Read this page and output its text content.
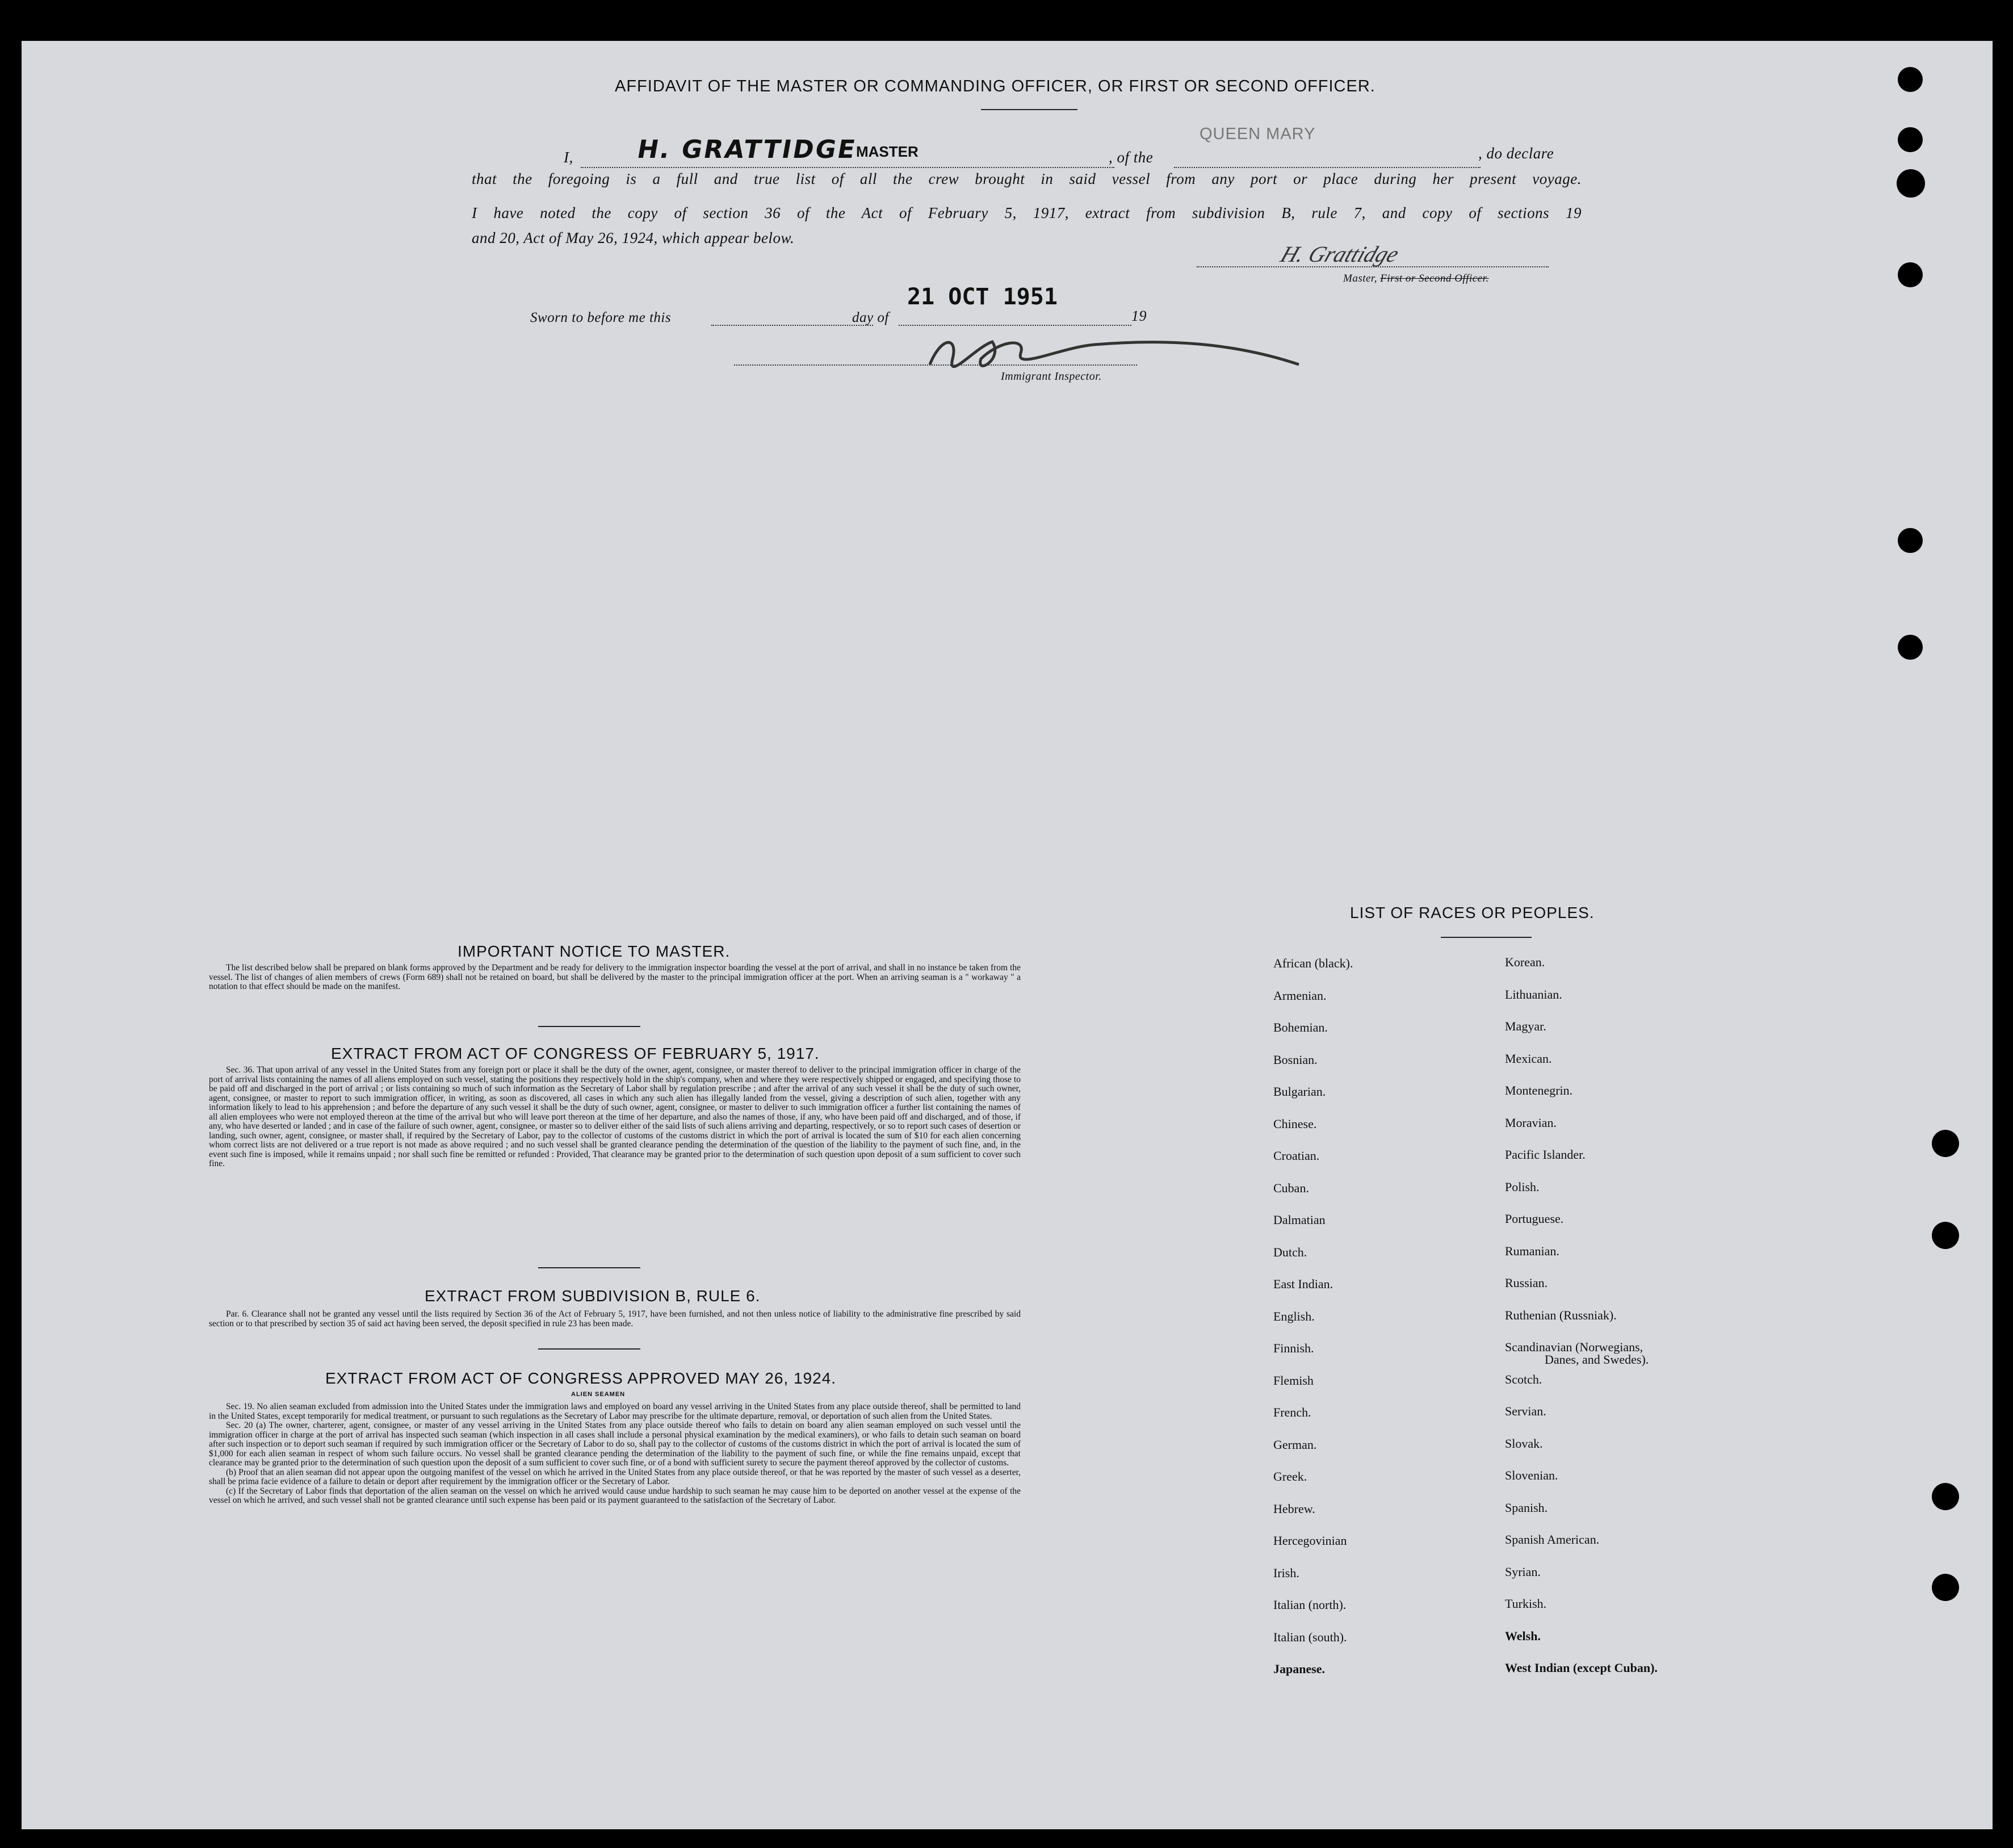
AFFIDAVIT OF THE MASTER OR COMMANDING OFFICER, OR FIRST OR SECOND OFFICER.
I, H. GRATTIDGE
MASTER	, of the
QUEEN MARY
, do declare
that the foregoing is a full and true list of all the crew brought in said vessel from any port or place during her present voyage.
I have noted the copy of section 36 of the Act of February 5, 1917, extract from subdivision B, rule 7, and copy of sections 19
and 20, Act of May 26, 1924, which appear below.
H. Grattidge
Master, First or Second Officer.
Sworn to before me this	day of
21 OCT 1951
19
Immigrant Inspector.
IMPORTANT NOTICE TO MASTER.

The list described below shall be prepared on blank forms approved by the Department and be ready for delivery to the immigration inspector boarding the vessel at the port of arrival, and shall in no instance be taken from the vessel. The list of changes of alien members of crews (Form 689) shall not be retained on board, but shall be delivered by the master to the principal immigration officer at the port. When an arriving seaman is a " workaway " a notation to that effect should be made on the manifest.

EXTRACT FROM ACT OF CONGRESS OF FEBRUARY 5, 1917.

Sec. 36. That upon arrival of any vessel in the United States from any foreign port or place it shall be the duty of the owner, agent, consignee, or master thereof to deliver to the principal immigration officer in charge of the port of arrival lists containing the names of all aliens employed on such vessel, stating the positions they respectively hold in the ship's company, when and where they were respectively shipped or engaged, and specifying those to be paid off and discharged in the port of arrival ; or lists containing so much of such information as the Secretary of Labor shall by regulation prescribe ; and after the arrival of any such vessel it shall be the duty of such owner, agent, consignee, or master to report to such immigration officer, in writing, as soon as discovered, all cases in which any such alien has illegally landed from the vessel, giving a description of such alien, together with any information likely to lead to his apprehension ; and before the departure of any such vessel it shall be the duty of such owner, agent, consignee, or master to deliver to such immigration officer a further list containing the names of all alien employees who were not employed thereon at the time of the arrival but who will leave port thereon at the time of her departure, and also the names of those, if any, who have been paid off and discharged, and of those, if any, who have deserted or landed ; and in case of the failure of such owner, agent, consignee, or master so to deliver either of the said lists of such aliens arriving and departing, respectively, or so to report such cases of desertion or landing, such owner, agent, consignee, or master shall, if required by the Secretary of Labor, pay to the collector of customs of the customs district in which the port of arrival is located the sum of $10 for each alien concerning whom correct lists are not delivered or a true report is not made as above required ; and no such vessel shall be granted clearance pending the determination of the question of the liability to the payment of such fine, and, in the event such fine is imposed, while it remains unpaid ; nor shall such fine be remitted or refunded : Provided, That clearance may be granted prior to the determination of such question upon deposit of a sum sufficient to cover such fine.

EXTRACT FROM SUBDIVISION B, RULE 6.

Par. 6. Clearance shall not be granted any vessel until the lists required by Section 36 of the Act of February 5, 1917, have been furnished, and not then unless notice of liability to the administrative fine prescribed by said section or to that prescribed by section 35 of said act having been served, the deposit specified in rule 23 has been made.

EXTRACT FROM ACT OF CONGRESS APPROVED MAY 26, 1924.
ALIEN SEAMEN

Sec. 19. No alien seaman excluded from admission into the United States under the immigration laws and employed on board any vessel arriving in the United States from any place outside thereof, shall be permitted to land in the United States, except temporarily for medical treatment, or pursuant to such regulations as the Secretary of Labor may prescribe for the ultimate departure, removal, or deportation of such alien from the United States.

Sec. 20 (a) The owner, charterer, agent, consignee, or master of any vessel arriving in the United States from any place outside thereof who fails to detain on board any alien seaman employed on such vessel until the immigration officer in charge at the port of arrival has inspected such seaman (which inspection in all cases shall include a personal physical examination by the medical examiners), or who fails to detain such seaman on board after such inspection or to deport such seaman if required by such immigration officer or the Secretary of Labor to do so, shall pay to the collector of customs of the customs district in which the port of arrival is located the sum of $1,000 for each alien seaman in respect of whom such failure occurs. No vessel shall be granted clearance pending the determination of the liability to the payment of such fine, or while the fine remains unpaid, except that clearance may be granted prior to the determination of such question upon the deposit of a sum sufficient to cover such fine, or of a bond with sufficient surety to secure the payment thereof approved by the collector of customs.

(b) Proof that an alien seaman did not appear upon the outgoing manifest of the vessel on which he arrived in the United States from any place outside thereof, or that he was reported by the master of such vessel as a deserter, shall be prima facie evidence of a failure to detain or deport after requirement by the immigration officer or the Secretary of Labor.

(c) If the Secretary of Labor finds that deportation of the alien seaman on the vessel on which he arrived would cause undue hardship to such seaman he may cause him to be deported on another vessel at the expense of the vessel on which he arrived, and such vessel shall not be granted clearance until such expense has been paid or its payment guaranteed to the satisfaction of the Secretary of Labor.

LIST OF RACES OR PEOPLES.
African (black).
Armenian.
Bohemian.
Bosnian.
Bulgarian.
Chinese.
Croatian.
Cuban.
Dalmatian
Dutch.
East Indian.
English.
Finnish.
Flemish
French.
German.
Greek.
Hebrew.
Hercegovinian
Irish.
Italian (north).
Italian (south).
Japanese.
Korean.
Lithuanian.
Magyar.
Mexican.
Montenegrin.
Moravian.
Pacific Islander.
Polish.
Portuguese.
Rumanian.
Russian.
Ruthenian (Russniak).
Scandinavian (Norwegians,
Danes, and Swedes).
Scotch.
Servian.
Slovak.
Slovenian.
Spanish.
Spanish American.
Syrian.
Turkish.
Welsh.
West Indian (except Cuban).
